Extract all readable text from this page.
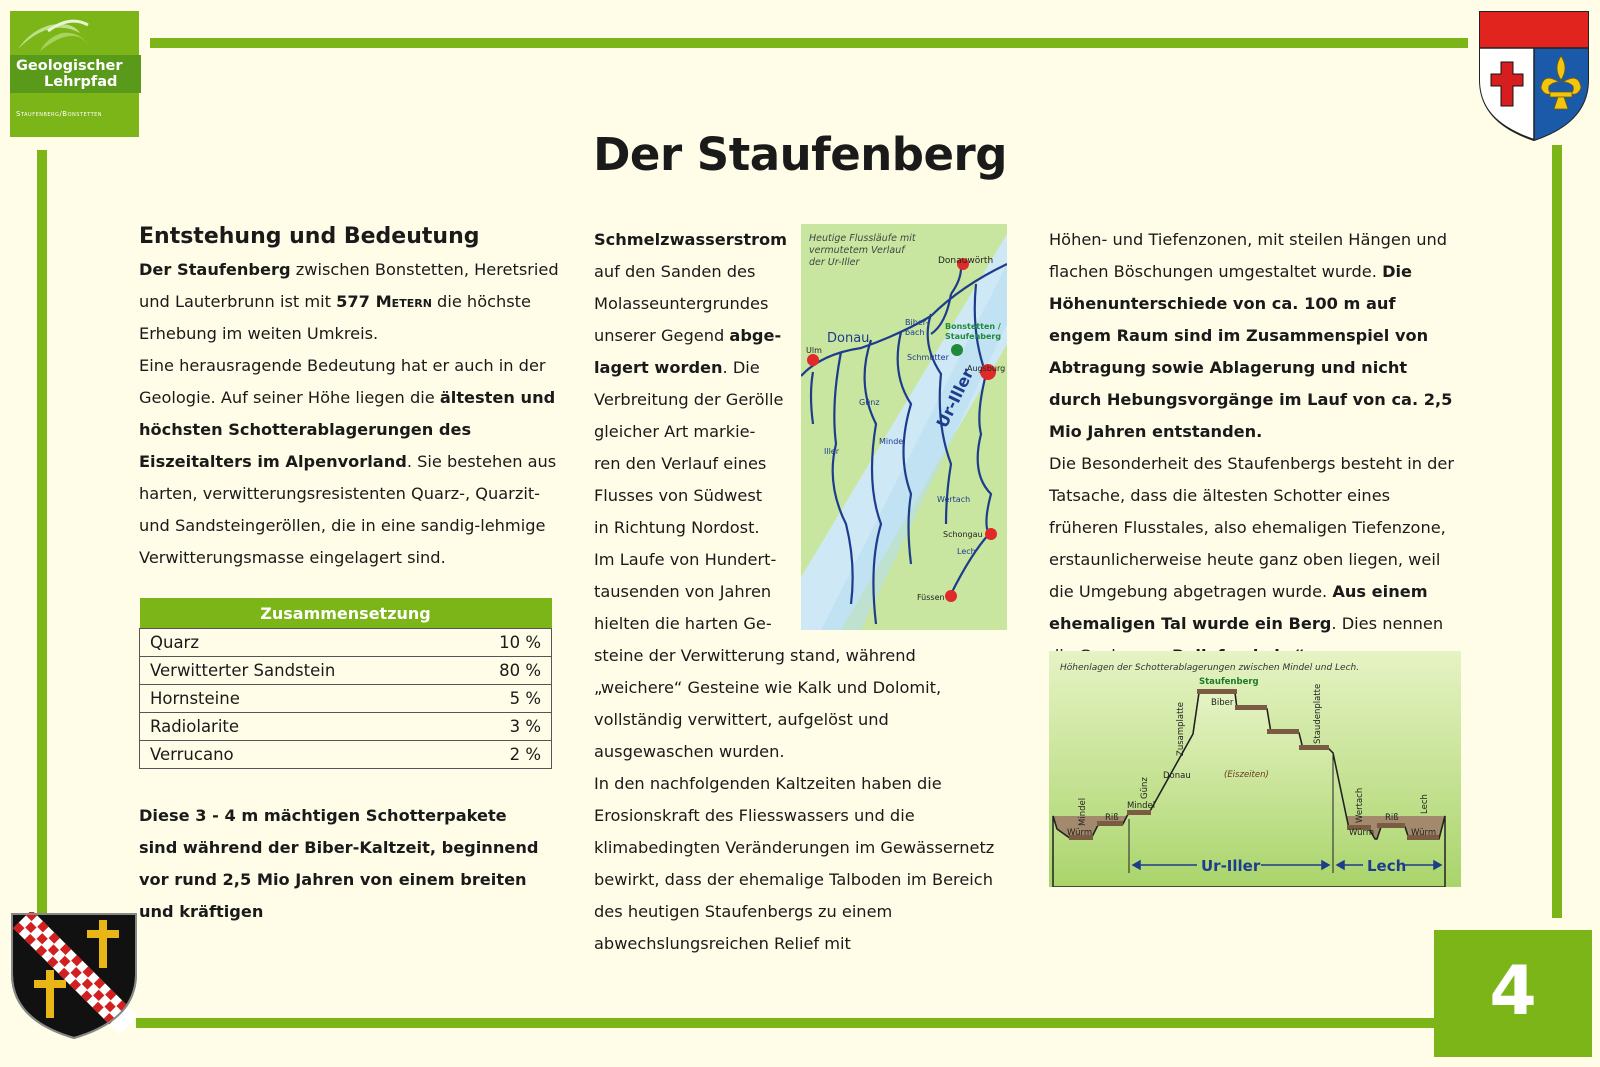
Geologischer
Lehrpfad
Staufenberg/Bonstetten
4
Der Staufenberg
Entstehung und Bedeutung

Der Staufenberg zwischen Bonstetten, Heretsried und Lauterbrunn ist mit 577 Metern die höchste Erhebung im weiten Umkreis.

Eine herausragende Bedeutung hat er auch in der Geologie. Auf seiner Höhe liegen die ältesten und höchsten Schotterablagerungen des Eiszeitalters im Alpenvorland. Sie bestehen aus harten, verwitterungsresistenten Quarz-, Quarzit- und Sandsteingeröllen, die in eine sandig-lehmige Verwitterungsmasse eingelagert sind.

Zusammensetzung	
Quarz	10 %
Verwitterter Sandstein	80 %
Hornsteine	5 %
Radiolarite	3 %
Verrucano	2 %

Diese 3 - 4 m mächtigen Schotterpakete sind während der Biber-Kaltzeit, beginnend vor rund 2,5 Mio Jahren von einem breiten und kräftigen

Schmelzwasserstrom
auf den Sanden des
Molasseuntergrundes
unserer Gegend abge-
lagert worden. Die
Verbreitung der Gerölle
gleicher Art markie-
ren den Verlauf eines
Flusses von Südwest
in Richtung Nordost.
Im Laufe von Hundert-
tausenden von Jahren
hielten die harten Ge-

steine der Verwitterung stand, während „weichere“ Gesteine wie Kalk und Dolomit, vollständig verwittert, aufgelöst und ausgewaschen wurden.

In den nachfolgenden Kaltzeiten haben die Erosionskraft des Fliesswassers und die klimabedingten Veränderungen im Gewässernetz bewirkt, dass der ehemalige Talboden im Bereich des heutigen Staufenbergs zu einem abwechslungsreichen Relief mit

Heutige Flussläufe mit
vermutetem Verlauf
der Ur-Iller	Donauwörth
Donau
Ulm
Biber-
bach
Bonstetten /
Staufenberg
Schmutter
Augsburg
Ur-Iller
Günz
Mindel
Iller
Wertach
Schongau
Lech
Füssen

Höhen- und Tiefenzonen, mit steilen Hängen und flachen Böschungen umgestaltet wurde. Die Höhenunterschiede von ca. 100 m auf engem Raum sind im Zusammenspiel von Abtragung sowie Ablagerung und nicht durch Hebungsvorgänge im Lauf von ca. 2,5 Mio Jahren entstanden.

Die Besonderheit des Staufenbergs besteht in der Tatsache, dass die ältesten Schotter eines früheren Flusstales, also ehemaligen Tiefenzone, erstaunlicherweise heute ganz oben liegen, weil die Umgebung abgetragen wurde. Aus einem ehemaligen Tal wurde ein Berg. Dies nennen

Höhenlagen der Schotterablagerungen zwischen Mindel und Lech.
Staufenberg
Biber
Zusamplatte	Staudenplatte
Donau	(Eiszeiten)
Günz
Mindel
Mindel Riß
Würm
Wertach	Lech
Riß
Würm	Würm
Ur-Iller	Lech
